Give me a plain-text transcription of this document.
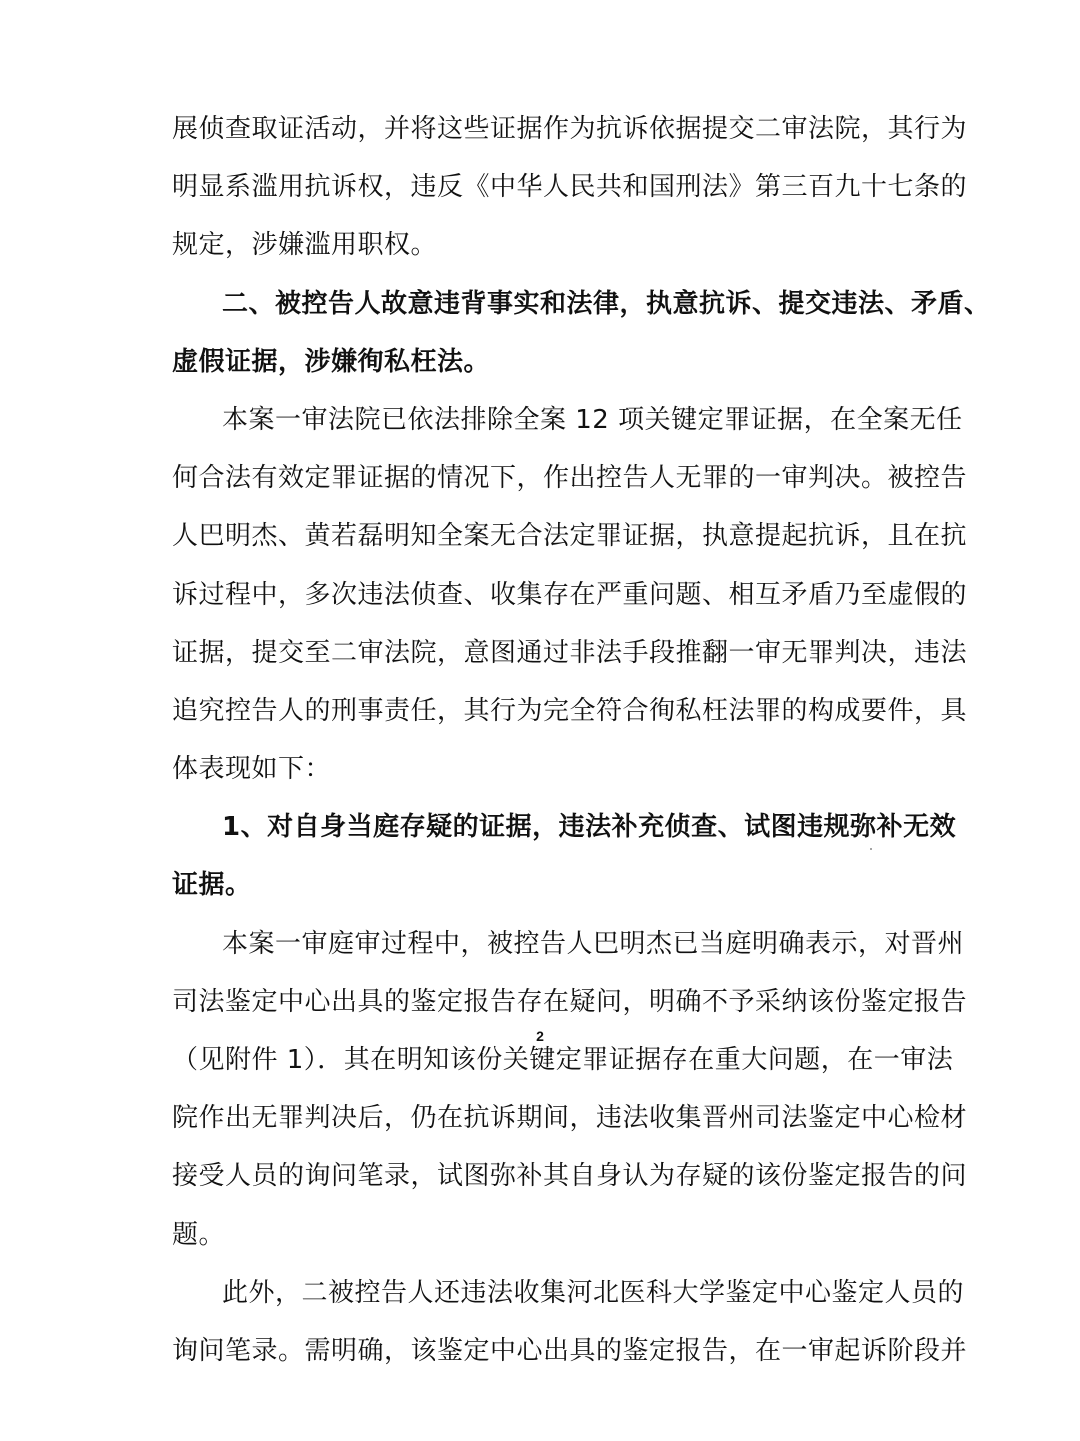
展侦查取证活动，并将这些证据作为抗诉依据提交二审法院，其行为
明显系滥用抗诉权，违反《中华人民共和国刑法》第三百九十七条的
规定，涉嫌滥用职权。
二、被控告人故意违背事实和法律，执意抗诉、提交违法、矛盾、
虚假证据，涉嫌徇私枉法。
本案一审法院已依法排除全案 12 项关键定罪证据，在全案无任
何合法有效定罪证据的情况下，作出控告人无罪的一审判决。被控告
人巴明杰、黄若磊明知全案无合法定罪证据，执意提起抗诉，且在抗
诉过程中，多次违法侦查、收集存在严重问题、相互矛盾乃至虚假的
证据，提交至二审法院，意图通过非法手段推翻一审无罪判决，违法
追究控告人的刑事责任，其行为完全符合徇私枉法罪的构成要件，具
体表现如下：
1、对自身当庭存疑的证据，违法补充侦查、试图违规弥补无效
证据。
本案一审庭审过程中，被控告人巴明杰已当庭明确表示，对晋州
司法鉴定中心出具的鉴定报告存在疑问，明确不予采纳该份鉴定报告
（见附件 1）．其在明知该份关键定罪证据存在重大问题，在一审法
院作出无罪判决后，仍在抗诉期间，违法收集晋州司法鉴定中心检材
接受人员的询问笔录，试图弥补其自身认为存疑的该份鉴定报告的问
题。
此外，二被控告人还违法收集河北医科大学鉴定中心鉴定人员的
询问笔录。需明确，该鉴定中心出具的鉴定报告，在一审起诉阶段并
2
